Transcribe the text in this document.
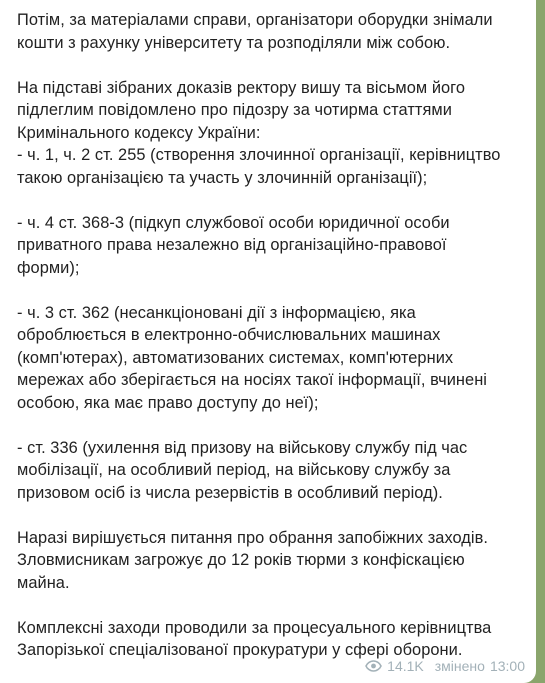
Потім, за матеріалами справи, організатори оборудки знімали
кошти з рахунку університету та розподіляли між собою.

На підставі зібраних доказів ректору вишу та вісьмом його
підлеглим повідомлено про підозру за чотирма статтями
Кримінального кодексу України:
- ч. 1, ч. 2 ст. 255 (створення злочинної організації, керівництво
такою організацією та участь у злочинній організації);

- ч. 4 ст. 368-3 (підкуп службової особи юридичної особи
приватного права незалежно від організаційно-правової
форми);

- ч. 3 ст. 362 (несанкціоновані дії з інформацією, яка
оброблюється в електронно-обчислювальних машинах
(комп'ютерах), автоматизованих системах, комп'ютерних
мережах або зберігається на носіях такої інформації, вчинені
особою, яка має право доступу до неї);

- ст. 336 (ухилення від призову на військову службу під час
мобілізації, на особливий період, на військову службу за
призовом осіб із числа резервістів в особливий період).

Наразі вирішується питання про обрання запобіжних заходів.
Зловмисникам загрожує до 12 років тюрми з конфіскацією
майна.

Комплексні заходи проводили за процесуального керівництва
Запорізької спеціалізованої прокуратури у сфері оборони.

14.1K змінено 13:00
